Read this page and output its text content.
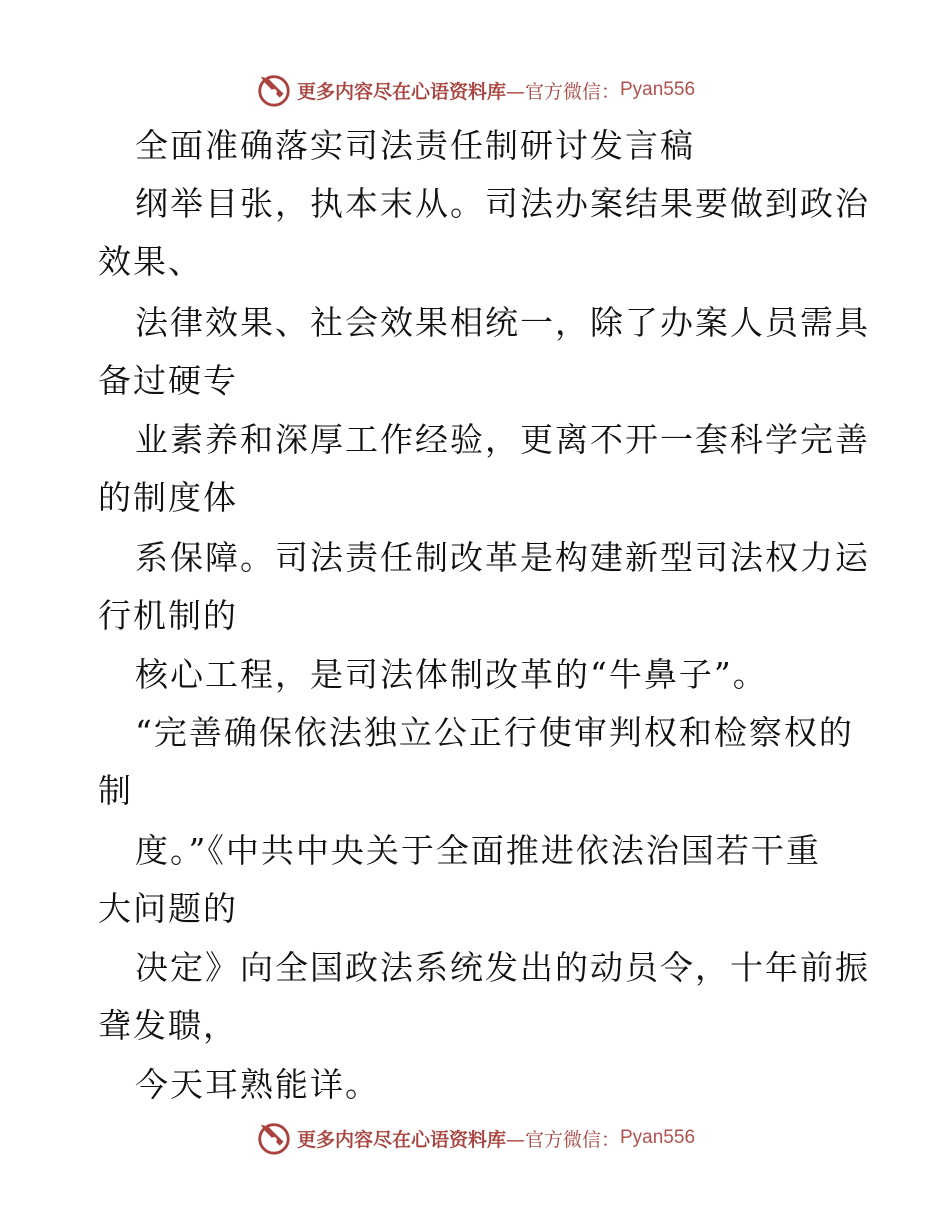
更多内容尽在心语资料库 —官方微信： Pyan556
全面准确落实司法责任制研讨发言稿
纲举目张，执本末从。司法办案结果要做到政治
效果、
法律效果、社会效果相统一，除了办案人员需具
备过硬专
业素养和深厚工作经验，更离不开一套科学完善
的制度体
系保障。司法责任制改革是构建新型司法权力运
行机制的
核心工程，是司法体制改革的“牛鼻子”。
“完善确保依法独立公正行使审判权和检察权的
制
度。”《中共中央关于全面推进依法治国若干重
大问题的
决定》向全国政法系统发出的动员令，十年前振
聋发聩，
今天耳熟能详。
更多内容尽在心语资料库 —官方微信： Pyan556
